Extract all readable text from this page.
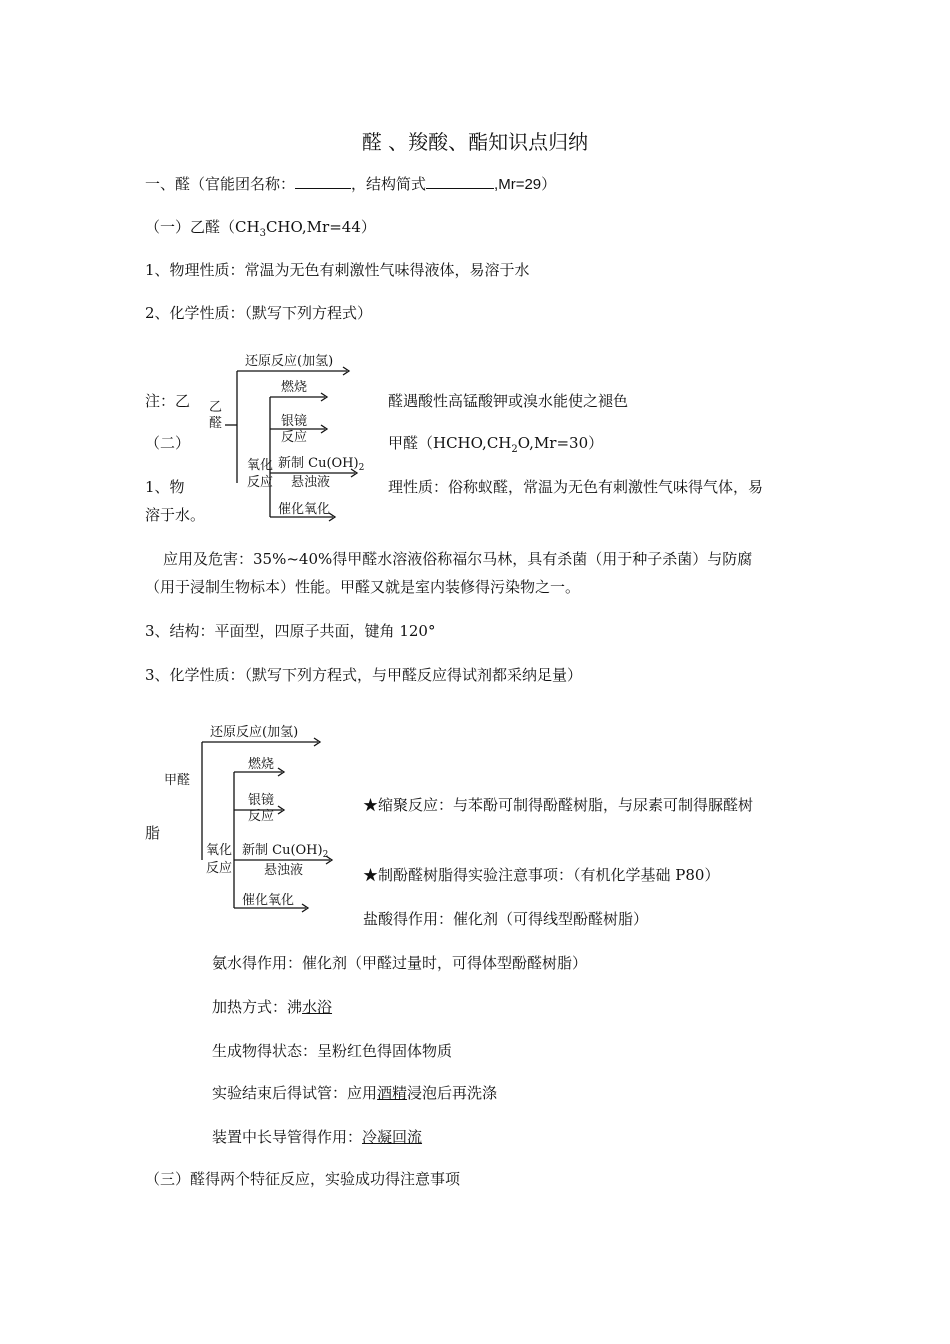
醛 、羧酸、酯知识点归纳
一、醛（官能团名称：	，结构简式	,Mr=29）
（一）乙醛$(CH_3CHO,Mr=44)$
1、物理性质：常温为无色有刺激性气味得液体，易溶于水
2、化学性质：（默写下列方程式）
还原反应(加氢)
燃烧
银镜
反应
氧化
反应
新制 $Cu(OH)_2$
悬浊液
催化氧化
乙
醛
注：乙	醛遇酸性高锰酸钾或溴水能使之褪色
（二）	甲醛$(HCHO,CH_2O,Mr=30)$
1、物	理性质：俗称蚁醛，常温为无色有刺激性气味得气体，易
溶于水。
应用及危害：35%~40%得甲醛水溶液俗称福尔马林，具有杀菌（用于种子杀菌）与防腐
（用于浸制生物标本）性能。甲醛又就是室内装修得污染物之一。
3、结构：平面型，四原子共面，键角 120°
3、化学性质：（默写下列方程式，与甲醛反应得试剂都采纳足量）
还原反应(加氢)
燃烧
银镜
反应
氧化
反应
新制 $Cu(OH)_2$
悬浊液
催化氧化
甲醛
★缩聚反应：与苯酚可制得酚醛树脂，与尿素可制得脲醛树
脂
★制酚醛树脂得实验注意事项：（有机化学基础 P80）
盐酸得作用：催化剂（可得线型酚醛树脂）
氨水得作用：催化剂（甲醛过量时，可得体型酚醛树脂）
加热方式：沸水浴
生成物得状态：呈粉红色得固体物质
实验结束后得试管：应用酒精浸泡后再洗涤
装置中长导管得作用：冷凝回流
（三）醛得两个特征反应，实验成功得注意事项
